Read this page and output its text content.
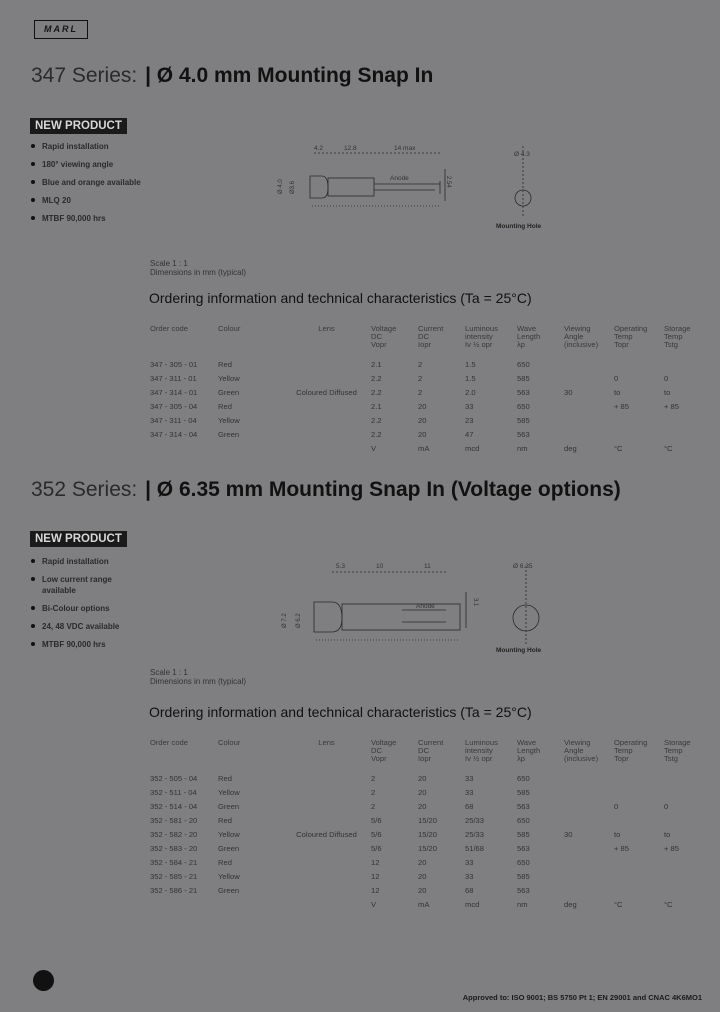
MARL
347 Series: | Ø 4.0 mm Mounting Snap In
NEW PRODUCT
Rapid installation
180° viewing angle
Blue and orange available
MLQ 20
MTBF 90,000 hrs
4.2	12.8	14 max
Ø 4.0 Ø3.6
Anode	2.54
Ø 4.3
Mounting Hole
Scale 1 : 1
Dimensions in mm (typical)
Ordering information and technical characteristics (Ta = 25°C)
Order code	Colour	Lens	Voltage
DC
Vopr	Current
DC
Iopr	Luminous
intensity
Iv ½ opr	Wave
Length
λp	Viewing
Angle
(inclusive)	Operating
Temp
Topr	Storage
Temp
Tstg
347 - 305 - 01	Red		2.1	2	1.5	650			
347 - 311 - 01	Yellow		2.2	2	1.5	585		0	0
347 - 314 - 01	Green	Coloured Diffused	2.2	2	2.0	563	30	to	to
347 - 305 - 04	Red		2.1	20	33	650		+ 85	+ 85
347 - 311 - 04	Yellow		2.2	20	23	585			
347 - 314 - 04	Green		2.2	20	47	563			
			V	mA	mcd	nm	deg	°C	°C
352 Series: | Ø 6.35 mm Mounting Snap In (Voltage options)
NEW PRODUCT
Rapid installation
Low current range available
Bi-Colour options
24, 48 VDC available
MTBF 90,000 hrs
5.3	10	11
Ø 7.2 Ø 6.2
Anode
3.1
Ø 6.35
Mounting Hole
Scale 1 : 1
Dimensions in mm (typical)
Ordering information and technical characteristics (Ta = 25°C)
Order code	Colour	Lens	Voltage
DC
Vopr	Current
DC
Iopr	Luminous
intensity
Iv ½ opr	Wave
Length
λp	Viewing
Angle
(inclusive)	Operating
Temp
Topr	Storage
Temp
Tstg
352 - 505 - 04	Red		2	20	33	650			
352 - 511 - 04	Yellow		2	20	33	585			
352 - 514 - 04	Green		2	20	68	563		0	0
352 - 581 - 20	Red		5/6	15/20	25/33	650			
352 - 582 - 20	Yellow	Coloured Diffused	5/6	15/20	25/33	585	30	to	to
352 - 583 - 20	Green		5/6	15/20	51/68	563		+ 85	+ 85
352 - 584 - 21	Red		12	20	33	650			
352 - 585 - 21	Yellow		12	20	33	585			
352 - 586 - 21	Green		12	20	68	563			
			V	mA	mcd	nm	deg	°C	°C
Approved to: ISO 9001; BS 5750 Pt 1; EN 29001 and CNAC 4K6MO1
